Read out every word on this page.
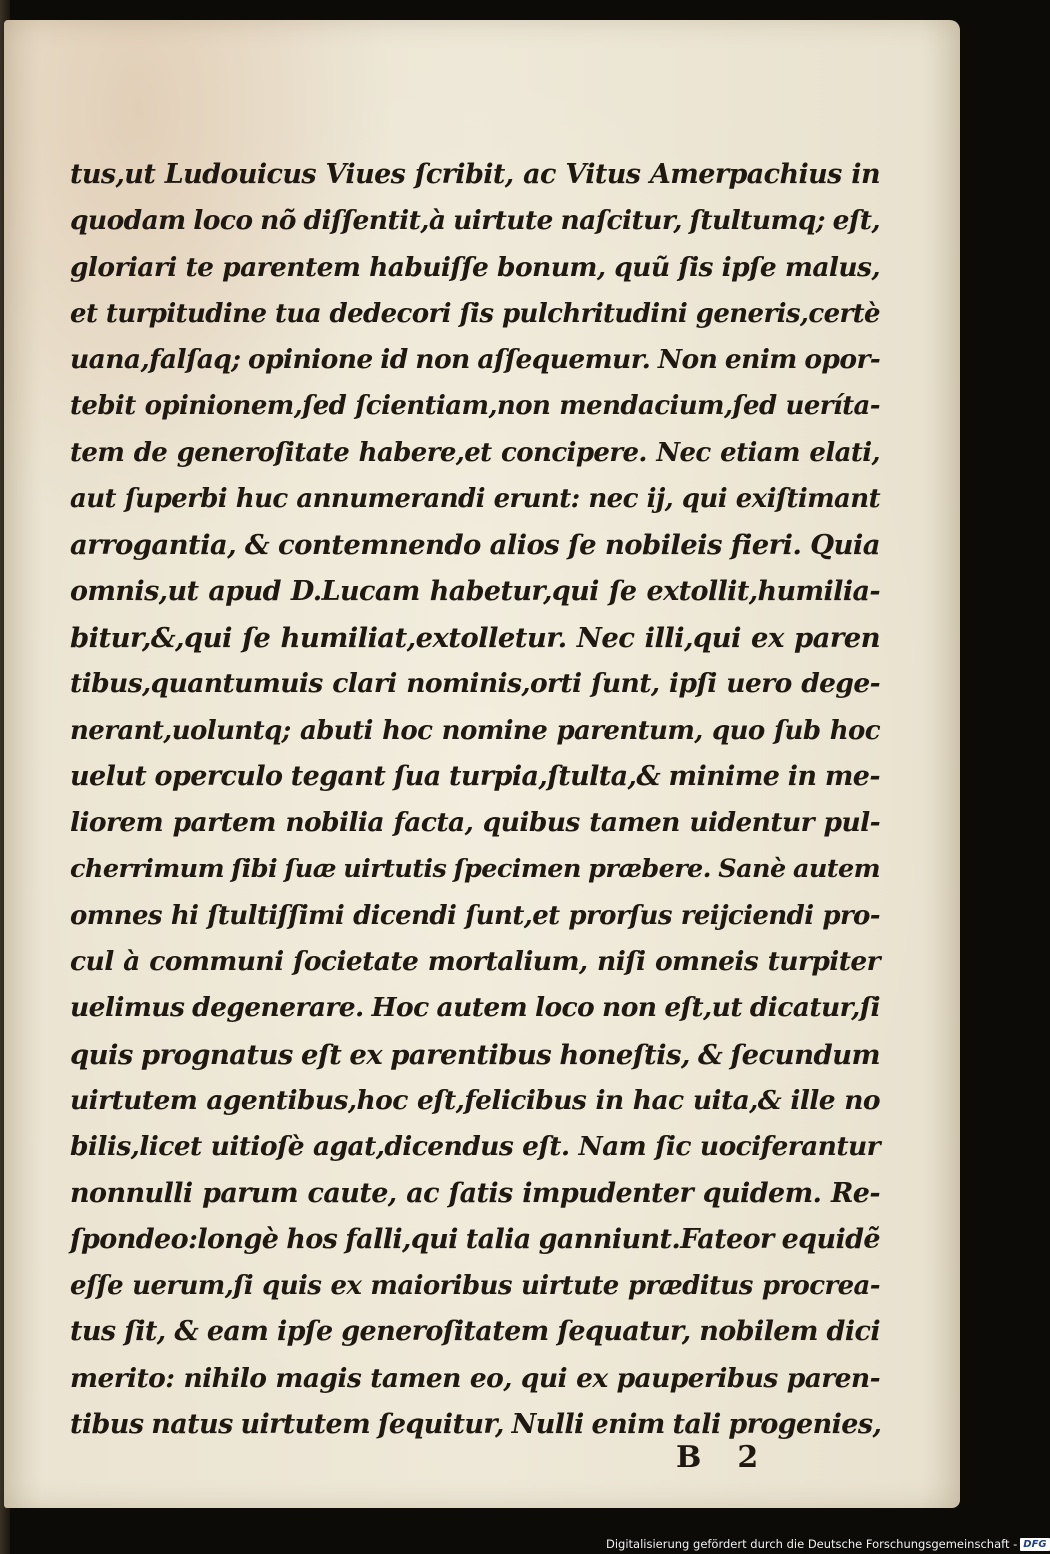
tus,ut Ludouicus Viues ſcribit, ac Vitus Amerpachius in
quodam loco nõ diſſentit,à uirtute naſcitur, ſtultumq; eſt,
gloriari te parentem habuiſſe bonum, quũ ſis ipſe malus,
et turpitudine tua dedecori ſis pulchritudini generis,certè
uana,falſaq; opinione id non aſſequemur. Non enim opor-
tebit opinionem,ſed ſcientiam,non mendacium,ſed ueríta-
tem de generoſitate habere,et concipere. Nec etiam elati,
aut ſuperbi huc annumerandi erunt: nec ij, qui exiſtimant
arrogantia, & contemnendo alios ſe nobileis fieri. Quia
omnis,ut apud D.Lucam habetur,qui ſe extollit,humilia-
bitur,&,qui ſe humiliat,extolletur. Nec illi,qui ex paren
tibus,quantumuis clari nominis,orti ſunt, ipſi uero dege-
nerant,uoluntq; abuti hoc nomine parentum, quo ſub hoc
uelut operculo tegant ſua turpia,ſtulta,& minime in me-
liorem partem nobilia facta, quibus tamen uidentur pul-
cherrimum ſibi ſuæ uirtutis ſpecimen præbere. Sanè autem
omnes hi ſtultiſſimi dicendi ſunt,et prorſus reijciendi pro-
cul à communi ſocietate mortalium, niſi omneis turpiter
uelimus degenerare. Hoc autem loco non eſt,ut dicatur,ſi
quis prognatus eſt ex parentibus honeſtis, & ſecundum
uirtutem agentibus,hoc eſt,felicibus in hac uita,& ille no
bilis,licet uitioſè agat,dicendus eſt. Nam ſic uociferantur
nonnulli parum caute, ac ſatis impudenter quidem. Re-
ſpondeo:longè hos falli,qui talia ganniunt.Fateor equidẽ
eſſe uerum,ſi quis ex maioribus uirtute præditus procrea-
tus ſit, & eam ipſe generoſitatem ſequatur, nobilem dici
merito: nihilo magis tamen eo, qui ex pauperibus paren-
tibus natus uirtutem ſequitur, Nulli enim tali progenies,
B 2
Digitalisierung gefördert durch die Deutsche Forschungsgemeinschaft - DFG
